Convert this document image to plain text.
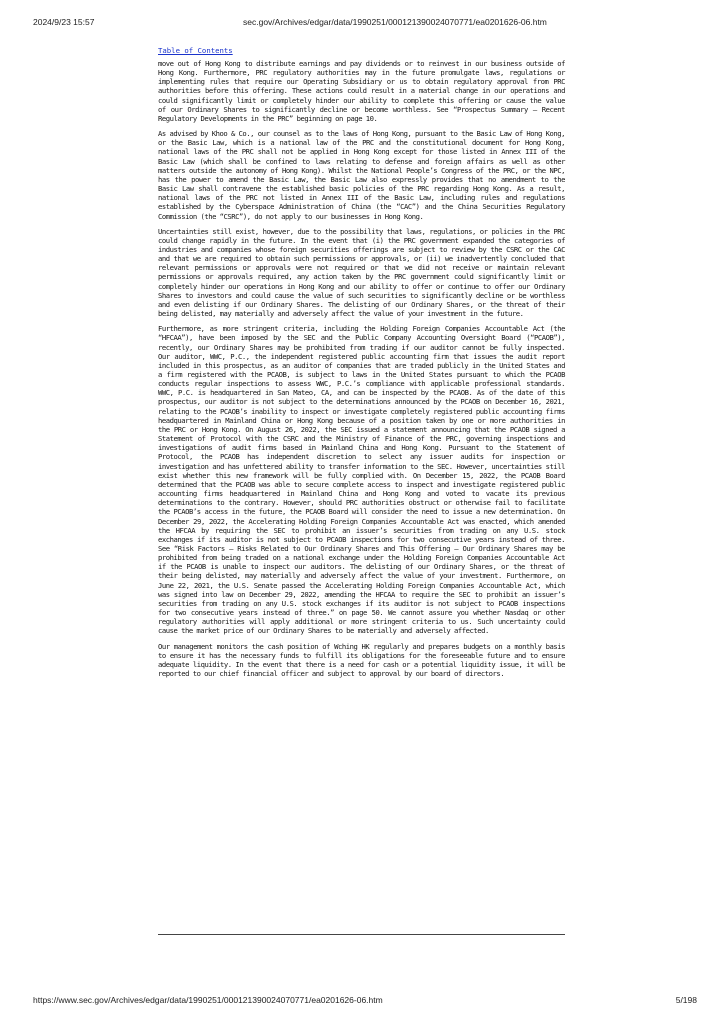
2024/9/23 15:57	sec.gov/Archives/edgar/data/1990251/000121390024070771/ea0201626-06.htm
Table of Contents

move out of Hong Kong to distribute earnings and pay dividends or to reinvest in our business outside of Hong Kong. Furthermore, PRC regulatory authorities may in the future promulgate laws, regulations or implementing rules that require our Operating Subsidiary or us to obtain regulatory approval from PRC authorities before this offering. These actions could result in a material change in our operations and could significantly limit or completely hinder our ability to complete this offering or cause the value of our Ordinary Shares to significantly decline or become worthless. See “Prospectus Summary — Recent Regulatory Developments in the PRC” beginning on page 10.

As advised by Khoo & Co., our counsel as to the laws of Hong Kong, pursuant to the Basic Law of Hong Kong, or the Basic Law, which is a national law of the PRC and the constitutional document for Hong Kong, national laws of the PRC shall not be applied in Hong Kong except for those listed in Annex III of the Basic Law (which shall be confined to laws relating to defense and foreign affairs as well as other matters outside the autonomy of Hong Kong). Whilst the National People’s Congress of the PRC, or the NPC, has the power to amend the Basic Law, the Basic Law also expressly provides that no amendment to the Basic Law shall contravene the established basic policies of the PRC regarding Hong Kong. As a result, national laws of the PRC not listed in Annex III of the Basic Law, including rules and regulations established by the Cyberspace Administration of China (the “CAC”) and the China Securities Regulatory Commission (the “CSRC”), do not apply to our businesses in Hong Kong.

Uncertainties still exist, however, due to the possibility that laws, regulations, or policies in the PRC could change rapidly in the future. In the event that (i) the PRC government expanded the categories of industries and companies whose foreign securities offerings are subject to review by the CSRC or the CAC and that we are required to obtain such permissions or approvals, or (ii) we inadvertently concluded that relevant permissions or approvals were not required or that we did not receive or maintain relevant permissions or approvals required, any action taken by the PRC government could significantly limit or completely hinder our operations in Hong Kong and our ability to offer or continue to offer our Ordinary Shares to investors and could cause the value of such securities to significantly decline or be worthless and even delisting if our Ordinary Shares. The delisting of our Ordinary Shares, or the threat of their being delisted, may materially and adversely affect the value of your investment in the future.

Furthermore, as more stringent criteria, including the Holding Foreign Companies Accountable Act (the “HFCAA”), have been imposed by the SEC and the Public Company Accounting Oversight Board (“PCAOB”), recently, our Ordinary Shares may be prohibited from trading if our auditor cannot be fully inspected. Our auditor, WWC, P.C., the independent registered public accounting firm that issues the audit report included in this prospectus, as an auditor of companies that are traded publicly in the United States and a firm registered with the PCAOB, is subject to laws in the United States pursuant to which the PCAOB conducts regular inspections to assess WWC, P.C.’s compliance with applicable professional standards. WWC, P.C. is headquartered in San Mateo, CA, and can be inspected by the PCAOB. As of the date of this prospectus, our auditor is not subject to the determinations announced by the PCAOB on December 16, 2021, relating to the PCAOB’s inability to inspect or investigate completely registered public accounting firms headquartered in Mainland China or Hong Kong because of a position taken by one or more authorities in the PRC or Hong Kong. On August 26, 2022, the SEC issued a statement announcing that the PCAOB signed a Statement of Protocol with the CSRC and the Ministry of Finance of the PRC, governing inspections and investigations of audit firms based in Mainland China and Hong Kong. Pursuant to the Statement of Protocol, the PCAOB has independent discretion to select any issuer audits for inspection or investigation and has unfettered ability to transfer information to the SEC. However, uncertainties still exist whether this new framework will be fully complied with. On December 15, 2022, the PCAOB Board determined that the PCAOB was able to secure complete access to inspect and investigate registered public accounting firms headquartered in Mainland China and Hong Kong and voted to vacate its previous determinations to the contrary. However, should PRC authorities obstruct or otherwise fail to facilitate the PCAOB’s access in the future, the PCAOB Board will consider the need to issue a new determination. On December 29, 2022, the Accelerating Holding Foreign Companies Accountable Act was enacted, which amended the HFCAA by requiring the SEC to prohibit an issuer’s securities from trading on any U.S. stock exchanges if its auditor is not subject to PCAOB inspections for two consecutive years instead of three. See “Risk Factors — Risks Related to Our Ordinary Shares and This Offering — Our Ordinary Shares may be prohibited from being traded on a national exchange under the Holding Foreign Companies Accountable Act if the PCAOB is unable to inspect our auditors. The delisting of our Ordinary Shares, or the threat of their being delisted, may materially and adversely affect the value of your investment. Furthermore, on June 22, 2021, the U.S. Senate passed the Accelerating Holding Foreign Companies Accountable Act, which was signed into law on December 29, 2022, amending the HFCAA to require the SEC to prohibit an issuer’s securities from trading on any U.S. stock exchanges if its auditor is not subject to PCAOB inspections for two consecutive years instead of three.” on page 50. We cannot assure you whether Nasdaq or other regulatory authorities will apply additional or more stringent criteria to us. Such uncertainty could cause the market price of our Ordinary Shares to be materially and adversely affected.

Our management monitors the cash position of Wching HK regularly and prepares budgets on a monthly basis to ensure it has the necessary funds to fulfill its obligations for the foreseeable future and to ensure adequate liquidity. In the event that there is a need for cash or a potential liquidity issue, it will be reported to our chief financial officer and subject to approval by our board of directors.

https://www.sec.gov/Archives/edgar/data/1990251/000121390024070771/ea0201626-06.htm	5/198
